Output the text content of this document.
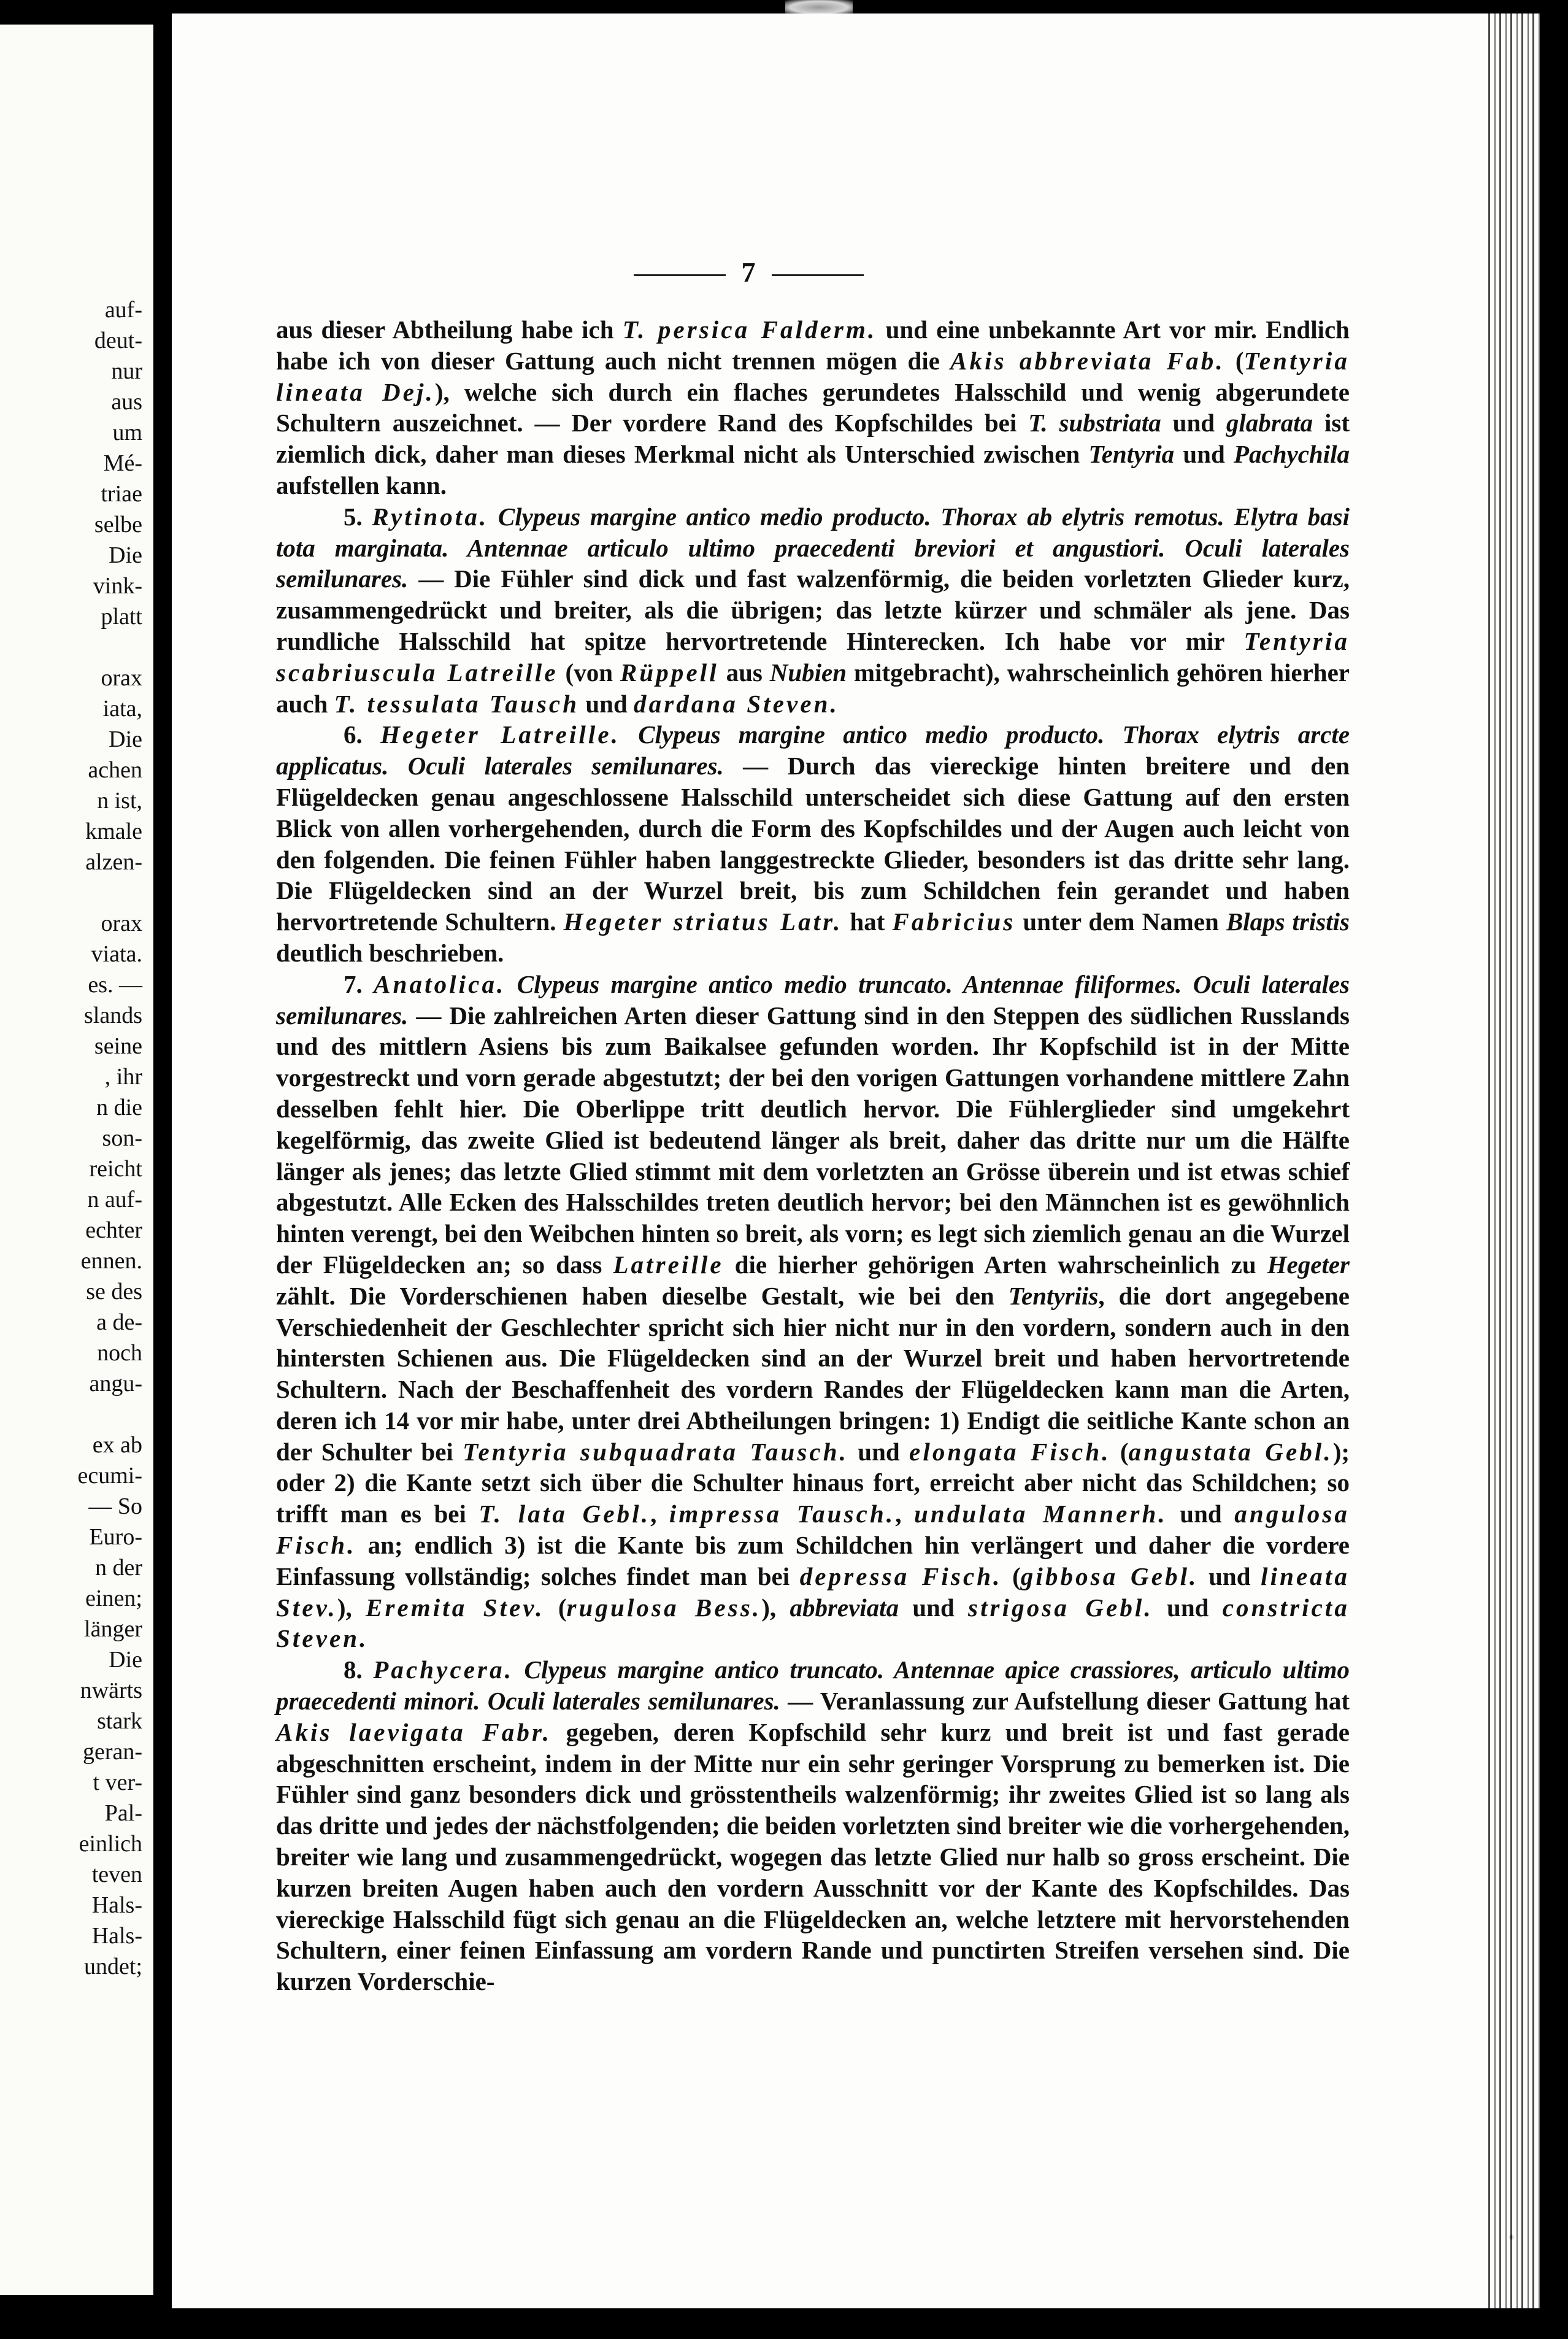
auf-
deut-
nur
aus
um
Mé-
triae
selbe
Die
vink-
platt

orax
iata,
Die
achen
n ist,
kmale
alzen-

orax
viata.
es. —
slands
seine
, ihr
n die
son-
reicht
n auf-
echter
ennen.
se des
a de-
noch
angu-

ex ab
ecumi-
— So
Euro-
n der
einen;
länger
Die
nwärts
stark
geran-
t ver-
Pal-
einlich
teven
Hals-
Hals-
undet;
7

aus dieser Abtheilung habe ich T. persica Falderm. und eine unbekannte Art vor mir. Endlich habe ich von dieser Gattung auch nicht trennen mögen die Akis abbreviata Fab. (Tentyria lineata Dej.), welche sich durch ein flaches gerundetes Halsschild und wenig abgerundete Schultern auszeichnet. — Der vordere Rand des Kopfschildes bei T. substriata und glabrata ist ziemlich dick, daher man dieses Merkmal nicht als Unterschied zwischen Tentyria und Pachychila aufstellen kann.

5. Rytinota. Clypeus margine antico medio producto. Thorax ab elytris remotus. Elytra basi tota marginata. Antennae articulo ultimo praecedenti breviori et angustiori. Oculi laterales semilunares. — Die Fühler sind dick und fast walzenförmig, die beiden vorletzten Glieder kurz, zusammengedrückt und breiter, als die übrigen; das letzte kürzer und schmäler als jene. Das rundliche Halsschild hat spitze hervortretende Hinterecken. Ich habe vor mir Tentyria scabriuscula Latreille (von Rüppell aus Nubien mitgebracht), wahrscheinlich gehören hierher auch T. tessulata Tausch und dardana Steven.

6. Hegeter Latreille. Clypeus margine antico medio producto. Thorax elytris arcte applicatus. Oculi laterales semilunares. — Durch das viereckige hinten breitere und den Flügeldecken genau angeschlossene Halsschild unterscheidet sich diese Gattung auf den ersten Blick von allen vorhergehenden, durch die Form des Kopfschildes und der Augen auch leicht von den folgenden. Die feinen Fühler haben langgestreckte Glieder, besonders ist das dritte sehr lang. Die Flügeldecken sind an der Wurzel breit, bis zum Schildchen fein gerandet und haben hervortretende Schultern. Hegeter striatus Latr. hat Fabricius unter dem Namen Blaps tristis deutlich beschrieben.

7. Anatolica. Clypeus margine antico medio truncato. Antennae filiformes. Oculi laterales semilunares. — Die zahlreichen Arten dieser Gattung sind in den Steppen des südlichen Russlands und des mittlern Asiens bis zum Baikalsee gefunden worden. Ihr Kopfschild ist in der Mitte vorgestreckt und vorn gerade abgestutzt; der bei den vorigen Gattungen vorhandene mittlere Zahn desselben fehlt hier. Die Oberlippe tritt deutlich hervor. Die Fühlerglieder sind umgekehrt kegelförmig, das zweite Glied ist bedeutend länger als breit, daher das dritte nur um die Hälfte länger als jenes; das letzte Glied stimmt mit dem vorletzten an Grösse überein und ist etwas schief abgestutzt. Alle Ecken des Halsschildes treten deutlich hervor; bei den Männchen ist es gewöhnlich hinten verengt, bei den Weibchen hinten so breit, als vorn; es legt sich ziemlich genau an die Wurzel der Flügeldecken an; so dass Latreille die hierher gehörigen Arten wahrscheinlich zu Hegeter zählt. Die Vorderschienen haben dieselbe Gestalt, wie bei den Tentyriis, die dort angegebene Verschiedenheit der Geschlechter spricht sich hier nicht nur in den vordern, sondern auch in den hintersten Schienen aus. Die Flügeldecken sind an der Wurzel breit und haben hervortretende Schultern. Nach der Beschaffenheit des vordern Randes der Flügeldecken kann man die Arten, deren ich 14 vor mir habe, unter drei Abtheilungen bringen: 1) Endigt die seitliche Kante schon an der Schulter bei Tentyria subquadrata Tausch. und elongata Fisch. (angustata Gebl.); oder 2) die Kante setzt sich über die Schulter hinaus fort, erreicht aber nicht das Schildchen; so trifft man es bei T. lata Gebl., impressa Tausch., undulata Mannerh. und angulosa Fisch. an; endlich 3) ist die Kante bis zum Schildchen hin verlängert und daher die vordere Einfassung vollständig; solches findet man bei depressa Fisch. (gibbosa Gebl. und lineata Stev.), Eremita Stev. (rugulosa Bess.), abbreviata und strigosa Gebl. und constricta Steven.

8. Pachycera. Clypeus margine antico truncato. Antennae apice crassiores, articulo ultimo praecedenti minori. Oculi laterales semilunares. — Veranlassung zur Aufstellung dieser Gattung hat Akis laevigata Fabr. gegeben, deren Kopfschild sehr kurz und breit ist und fast gerade abgeschnitten erscheint, indem in der Mitte nur ein sehr geringer Vorsprung zu bemerken ist. Die Fühler sind ganz besonders dick und grösstentheils walzenförmig; ihr zweites Glied ist so lang als das dritte und jedes der nächstfolgenden; die beiden vorletzten sind breiter wie die vorhergehenden, breiter wie lang und zusammengedrückt, wogegen das letzte Glied nur halb so gross erscheint. Die kurzen breiten Augen haben auch den vordern Ausschnitt vor der Kante des Kopfschildes. Das viereckige Halsschild fügt sich genau an die Flügeldecken an, welche letztere mit hervorstehenden Schultern, einer feinen Einfassung am vordern Rande und punctirten Streifen versehen sind. Die kurzen Vorderschie-
